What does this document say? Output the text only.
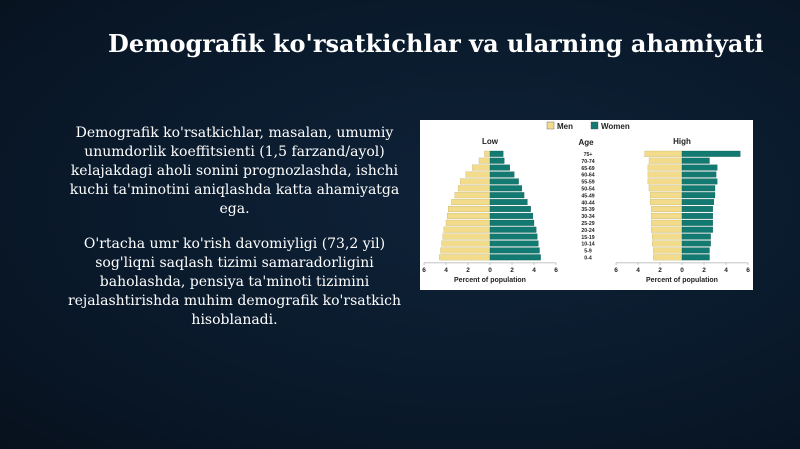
Demografik ko'rsatkichlar va ularning ahamiyati

Demografik ko'rsatkichlar, masalan, umumiy unumdorlik koeffitsienti (1,5 farzand/ayol) kelajakdagi aholi sonini prognozlashda, ishchi kuchi ta'minotini aniqlashda katta ahamiyatga ega.

O'rtacha umr ko'rish davomiyligi (73,2 yil) sog'liqni saqlash tizimi samaradorligini baholashda, pensiya ta'minoti tizimini rejalashtirishda muhim demografik ko'rsatkich hisoblanadi.

Men	Women
Age
75+
70-74
65-69
60-64
55-59
50-54
45-49
40-44
35-39
30-34
25-29
20-24
15-19
10-14
5-9
0-4
Low
6	4	2	0	2	4	6
Percent of population
High
6	4	2	0	2	4	6
Percent of population
